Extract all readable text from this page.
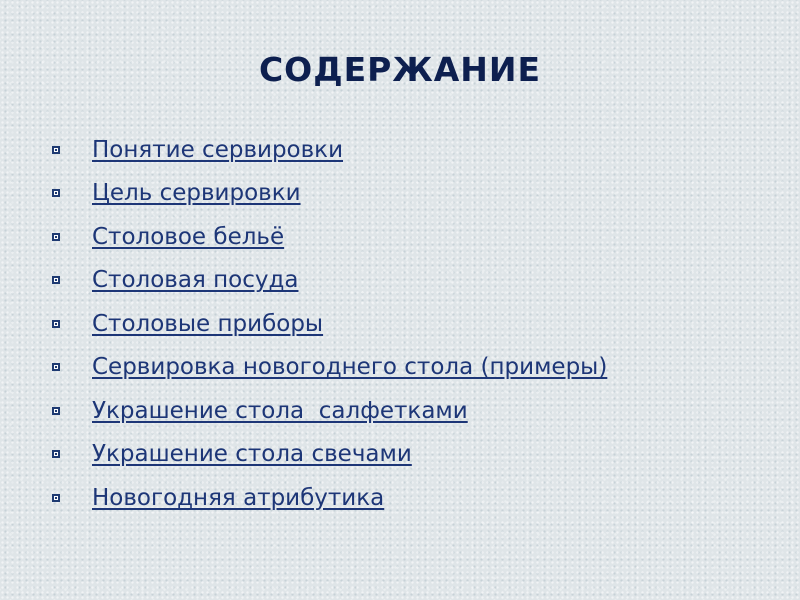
СОДЕРЖАНИЕ
Понятие сервировки
Цель сервировки
Столовое бельё
Столовая посуда
Столовые приборы
Сервировка новогоднего стола (примеры)
Украшение стола  салфетками
Украшение стола свечами
Новогодняя атрибутика
